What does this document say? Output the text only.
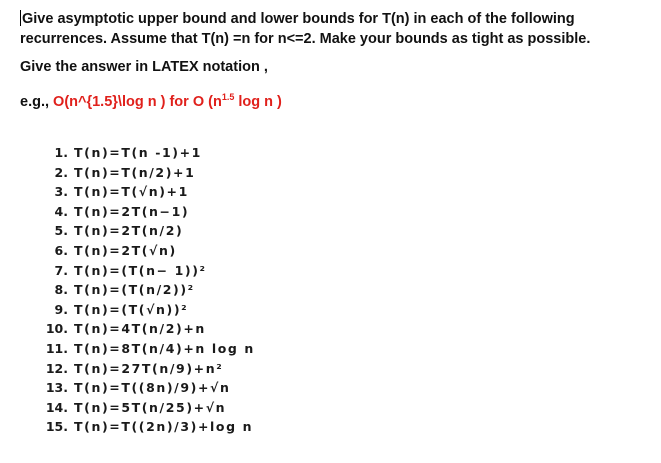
Give asymptotic upper bound and lower bounds for T(n) in each of the following
recurrences. Assume that T(n) =n for n<=2. Make your bounds as tight as possible.
Give the answer in LATEX notation ,
e.g., O(n^{1.5}\log n ) for O ($n^{1.5}$ log n )
1. T(n)=T(n -1)+1
2. T(n)=T(n/2)+1
3. T(n)=T(√n)+1
4. T(n)=2T(n−1)
5. T(n)=2T(n/2)
6. T(n)=2T(√n)
7. T(n)=(T(n− 1))²
8. T(n)=(T(n/2))²
9. T(n)=(T(√n))²
10. T(n)=4T(n/2)+n
11. T(n)=8T(n/4)+n log n
12. T(n)=27T(n/9)+n²
13. T(n)=T((8n)/9)+√n
14. T(n)=5T(n/25)+√n
15. T(n)=T((2n)/3)+log n
